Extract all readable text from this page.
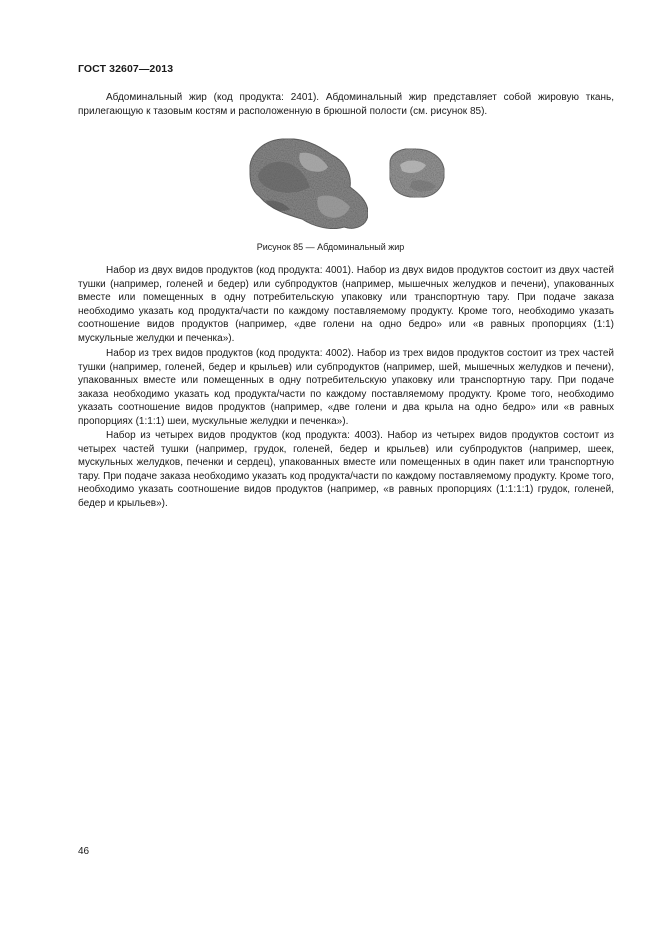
ГОСТ 32607—2013

Абдоминальный жир (код продукта: 2401). Абдоминальный жир представляет собой жировую ткань, прилегающую к тазовым костям и расположенную в брюшной полости (см. рисунок 85).

Рисунок 85 — Абдоминальный жир

Набор из двух видов продуктов (код продукта: 4001). Набор из двух видов продуктов состоит из двух частей тушки (например, голеней и бедер) или субпродуктов (например, мышечных желудков и печени), упакованных вместе или помещенных в одну потребительскую упаковку или транспортную тару. При подаче заказа необходимо указать код продукта/части по каждому поставляемому продукту. Кроме того, необходимо указать соотношение видов продуктов (например, «две голени на одно бедро» или «в равных пропорциях (1:1) мускульные желудки и печенка»).

Набор из трех видов продуктов (код продукта: 4002). Набор из трех видов продуктов состоит из трех частей тушки (например, голеней, бедер и крыльев) или субпродуктов (например, шей, мышечных желудков и печени), упакованных вместе или помещенных в одну потребительскую упаковку или транспортную тару. При подаче заказа необходимо указать код продукта/части по каждому поставляемому продукту. Кроме того, необходимо указать соотношение видов продуктов (например, «две голени и два крыла на одно бедро» или «в равных пропорциях (1:1:1) шеи, мускульные желудки и печенка»).

Набор из четырех видов продуктов (код продукта: 4003). Набор из четырех видов продуктов состоит из четырех частей тушки (например, грудок, голеней, бедер и крыльев) или субпродуктов (например, шеек, мускульных желудков, печенки и сердец), упакованных вместе или помещенных в один пакет или транспортную тару. При подаче заказа необходимо указать код продукта/части по каждому поставляемому продукту. Кроме того, необходимо указать соотношение видов продуктов (например, «в равных пропорциях (1:1:1:1) грудок, голеней, бедер и крыльев»).

46
